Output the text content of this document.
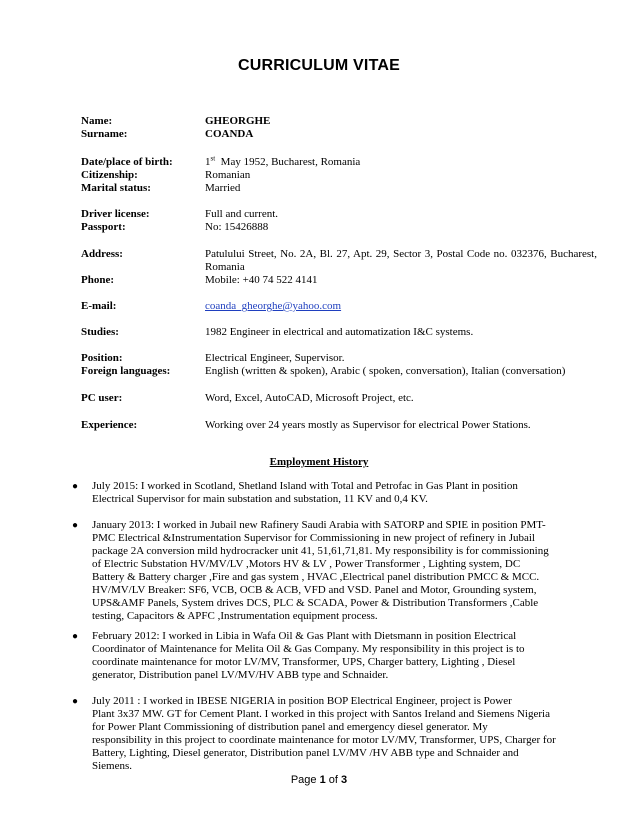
CURRICULUM VITAE
Name:	GHEORGHE
Surname:	COANDA
Date/place of birth:	1st May 1952, Bucharest, Romania
Citizenship:	Romanian
Marital status:	Married
Driver license:	Full and current.
Passport:	No: 15426888
Address:	Patulului Street, No. 2A, Bl. 27, Apt. 29, Sector 3, Postal Code no. 032376, Bucharest, Romania
Phone:	Mobile: +40 74 522 4141
E-mail:	coanda_gheorghe@yahoo.com
Studies:	1982 Engineer in electrical and automatization I&C systems.
Position:	Electrical Engineer, Supervisor.
Foreign languages:	English (written & spoken), Arabic ( spoken, conversation), Italian (conversation)
PC user:	Word, Excel, AutoCAD, Microsoft Project, etc.
Experience:	Working over 24 years mostly as Supervisor for electrical Power Stations.
Employment History
● July 2015: I worked in Scotland, Shetland Island with Total and Petrofac in Gas Plant in position

Electrical Supervisor for main substation and substation, 11 KV and 0,4 KV.

● January 2013: I worked in Jubail new Rafinery Saudi Arabia with SATORP and SPIE in position PMT-

PMC Electrical &Instrumentation Supervisor for Commissioning in new project of refinery in Jubail

package 2A conversion mild hydrocracker unit 41, 51,61,71,81. My responsibility is for commissioning

of Electric Substation HV/MV/LV ,Motors HV & LV , Power Transformer , Lighting system, DC

Battery & Battery charger ,Fire and gas system , HVAC ,Electrical panel distribution PMCC & MCC.

HV/MV/LV Breaker: SF6, VCB, OCB & ACB, VFD and VSD. Panel and Motor, Grounding system,

UPS&AMF Panels, System drives DCS, PLC & SCADA, Power & Distribution Transformers ,Cable

testing, Capacitors & APFC ,Instrumentation equipment process.

● February 2012: I worked in Libia in Wafa Oil & Gas Plant with Dietsmann in position Electrical

Coordinator of Maintenance for Melita Oil & Gas Company. My responsibility in this project is to

coordinate maintenance for motor LV/MV, Transformer, UPS, Charger battery, Lighting , Diesel

generator, Distribution panel LV/MV/HV ABB type and Schnaider.

● July 2011 : I worked in IBESE NIGERIA in position BOP Electrical Engineer, project is Power

Plant 3x37 MW. GT for Cement Plant. I worked in this project with Santos Ireland and Siemens Nigeria

for Power Plant Commissioning of distribution panel and emergency diesel generator. My

responsibility in this project to coordinate maintenance for motor LV/MV, Transformer, UPS, Charger for

Battery, Lighting, Diesel generator, Distribution panel LV/MV /HV ABB type and Schnaider and

Siemens.

Page 1 of 3
